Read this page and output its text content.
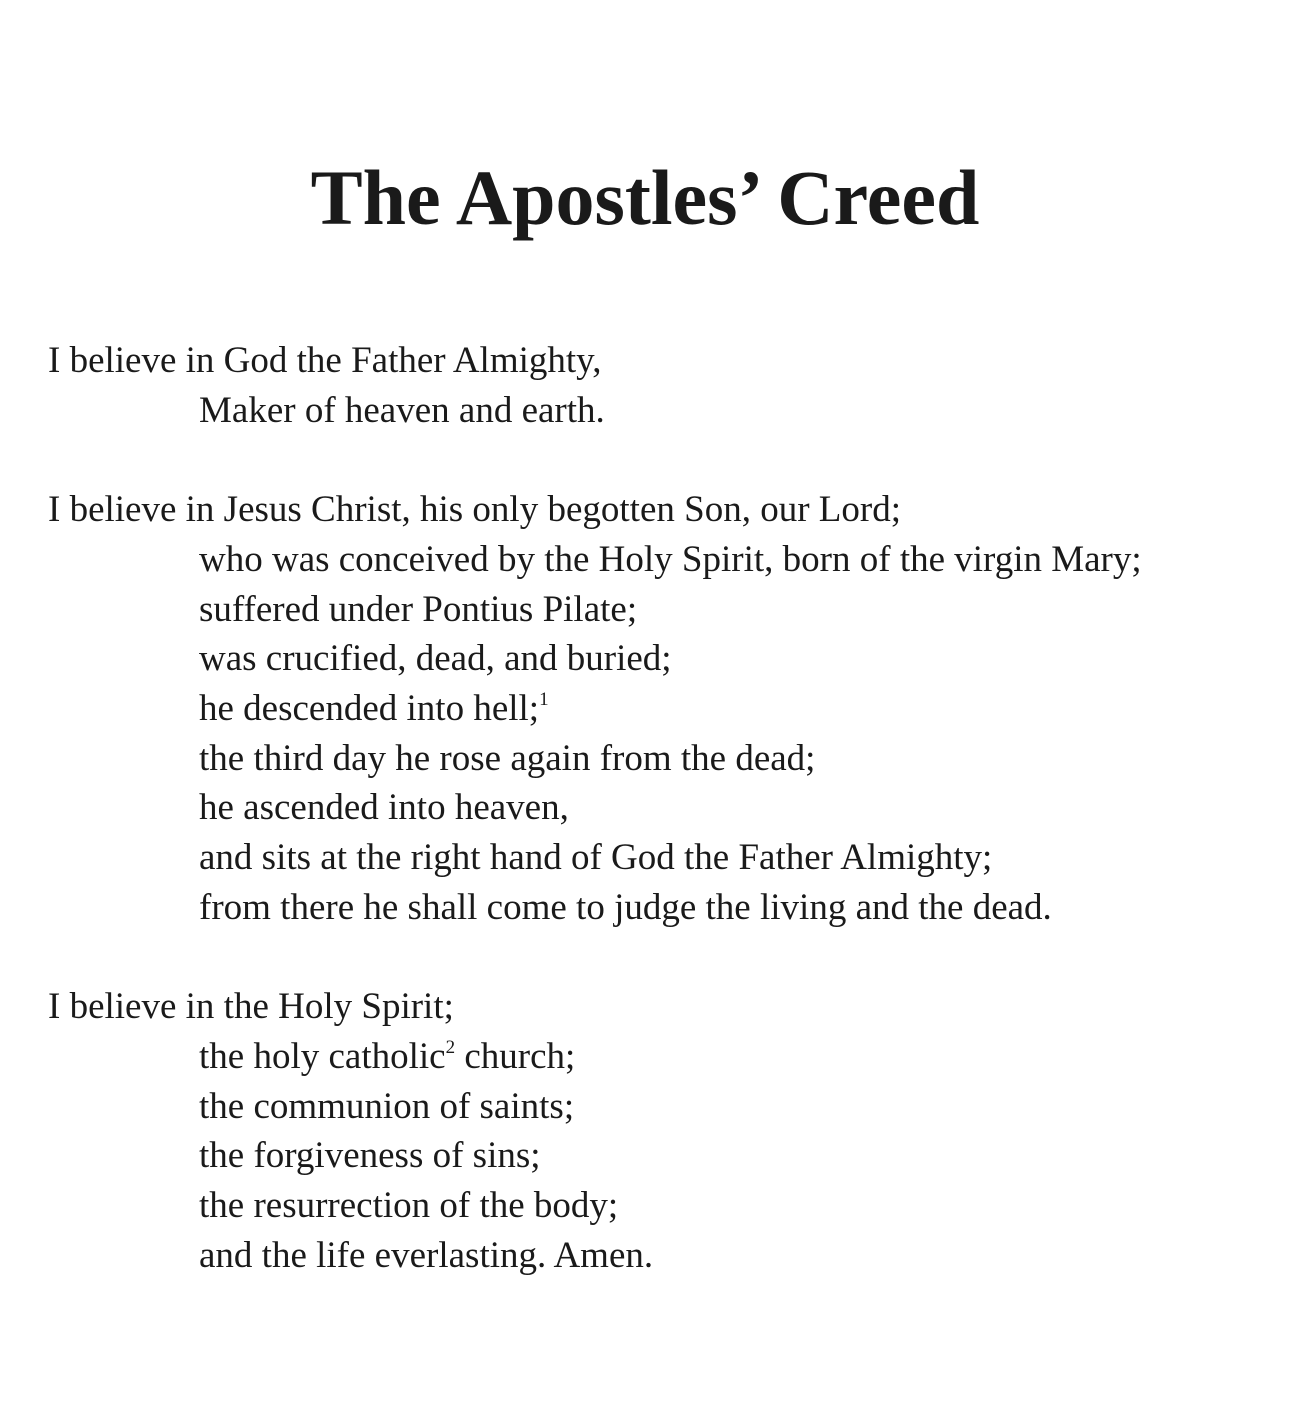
The Apostles’ Creed
I believe in God the Father Almighty,
Maker of heaven and earth.
I believe in Jesus Christ, his only begotten Son, our Lord;
who was conceived by the Holy Spirit, born of the virgin Mary;
suffered under Pontius Pilate;
was crucified, dead, and buried;
he descended into hell;$^1$
the third day he rose again from the dead;
he ascended into heaven,
and sits at the right hand of God the Father Almighty;
from there he shall come to judge the living and the dead.
I believe in the Holy Spirit;
the holy catholic$^2$ church;
the communion of saints;
the forgiveness of sins;
the resurrection of the body;
and the life everlasting. Amen.
